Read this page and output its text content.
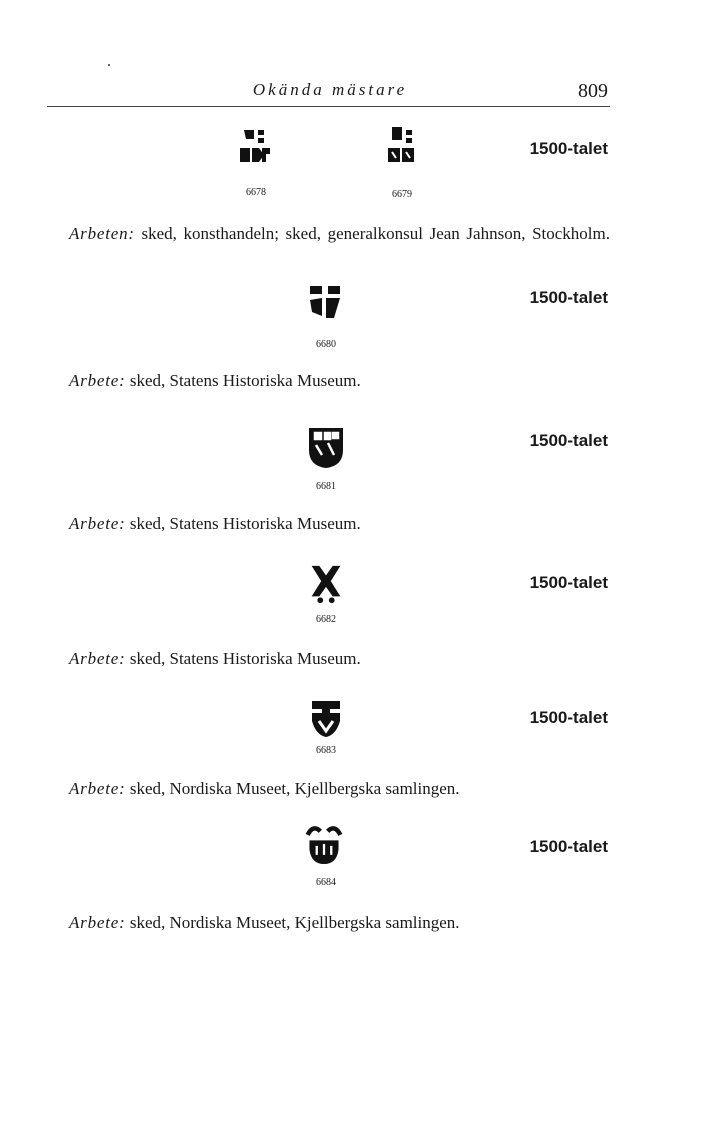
Okända mästare	809
6678	6679
1500-talet
Arbeten: sked, konsthandeln; sked, generalkonsul Jean Jahnson, Stockholm.
6680
1500-talet
Arbete: sked, Statens Historiska Museum.
6681
1500-talet
Arbete: sked, Statens Historiska Museum.
6682
1500-talet
Arbete: sked, Statens Historiska Museum.
6683
1500-talet
Arbete: sked, Nordiska Museet, Kjellbergska samlingen.
6684
1500-talet
Arbete: sked, Nordiska Museet, Kjellbergska samlingen.
